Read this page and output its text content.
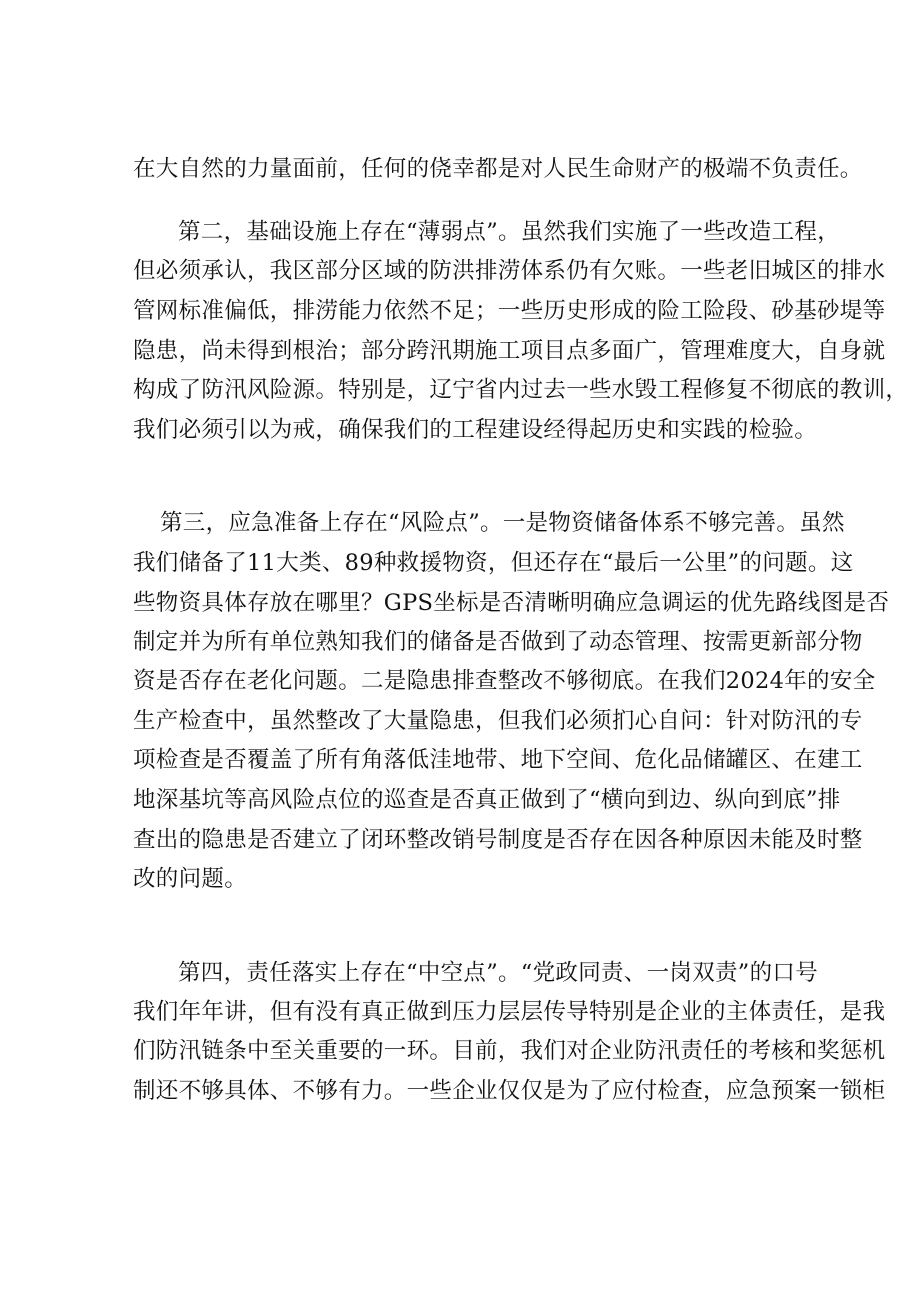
在大自然的力量面前，任何的侥幸都是对人民生命财产的极端不负责任。
第二，基础设施上存在“薄弱点”。虽然我们实施了一些改造工程，
但必须承认，我区部分区域的防洪排涝体系仍有欠账。一些老旧城区的排水
管网标准偏低，排涝能力依然不足；一些历史形成的险工险段、砂基砂堤等
隐患，尚未得到根治；部分跨汛期施工项目点多面广，管理难度大，自身就
构成了防汛风险源。特别是，辽宁省内过去一些水毁工程修复不彻底的教训，
我们必须引以为戒，确保我们的工程建设经得起历史和实践的检验。
第三，应急准备上存在“风险点”。一是物资储备体系不够完善。虽然
我们储备了11大类、89种救援物资，但还存在“最后一公里”的问题。这
些物资具体存放在哪里？GPS坐标是否清晰明确应急调运的优先路线图是否
制定并为所有单位熟知我们的储备是否做到了动态管理、按需更新部分物
资是否存在老化问题。二是隐患排查整改不够彻底。在我们2024年的安全
生产检查中，虽然整改了大量隐患，但我们必须扪心自问：针对防汛的专
项检查是否覆盖了所有角落低洼地带、地下空间、危化品储罐区、在建工
地深基坑等高风险点位的巡查是否真正做到了“横向到边、纵向到底”排
查出的隐患是否建立了闭环整改销号制度是否存在因各种原因未能及时整
改的问题。
第四，责任落实上存在“中空点”。“党政同责、一岗双责”的口号
我们年年讲，但有没有真正做到压力层层传导特别是企业的主体责任，是我
们防汛链条中至关重要的一环。目前，我们对企业防汛责任的考核和奖惩机
制还不够具体、不够有力。一些企业仅仅是为了应付检查，应急预案一锁柜
